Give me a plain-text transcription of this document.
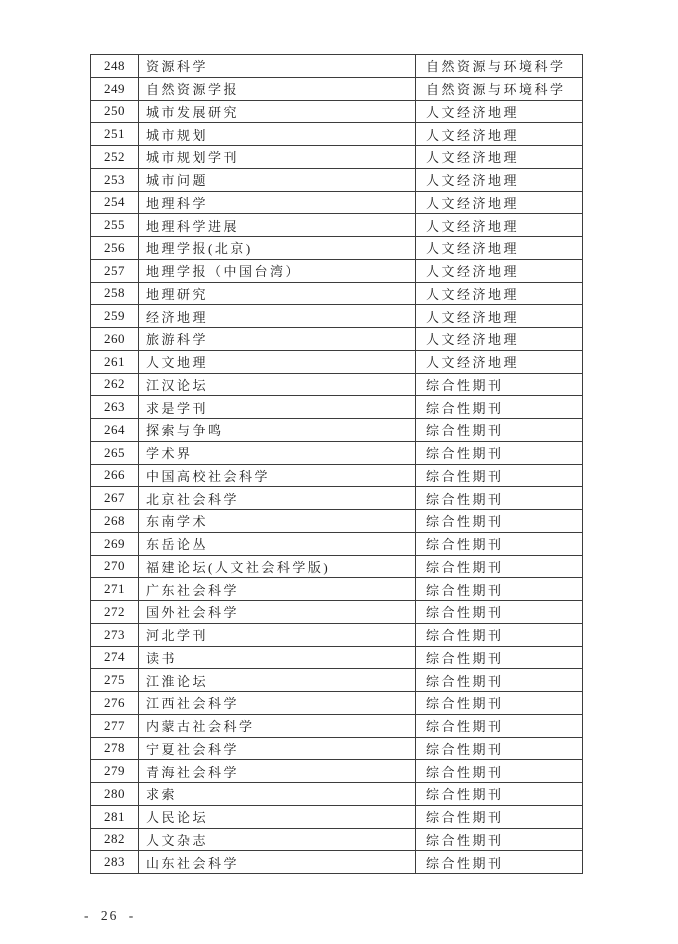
248	资源科学	自然资源与环境科学
249	自然资源学报	自然资源与环境科学
250	城市发展研究	人文经济地理
251	城市规划	人文经济地理
252	城市规划学刊	人文经济地理
253	城市问题	人文经济地理
254	地理科学	人文经济地理
255	地理科学进展	人文经济地理
256	地理学报(北京)	人文经济地理
257	地理学报（中国台湾）	人文经济地理
258	地理研究	人文经济地理
259	经济地理	人文经济地理
260	旅游科学	人文经济地理
261	人文地理	人文经济地理
262	江汉论坛	综合性期刊
263	求是学刊	综合性期刊
264	探索与争鸣	综合性期刊
265	学术界	综合性期刊
266	中国高校社会科学	综合性期刊
267	北京社会科学	综合性期刊
268	东南学术	综合性期刊
269	东岳论丛	综合性期刊
270	福建论坛(人文社会科学版)	综合性期刊
271	广东社会科学	综合性期刊
272	国外社会科学	综合性期刊
273	河北学刊	综合性期刊
274	读书	综合性期刊
275	江淮论坛	综合性期刊
276	江西社会科学	综合性期刊
277	内蒙古社会科学	综合性期刊
278	宁夏社会科学	综合性期刊
279	青海社会科学	综合性期刊
280	求索	综合性期刊
281	人民论坛	综合性期刊
282	人文杂志	综合性期刊
283	山东社会科学	综合性期刊
- 26 -
